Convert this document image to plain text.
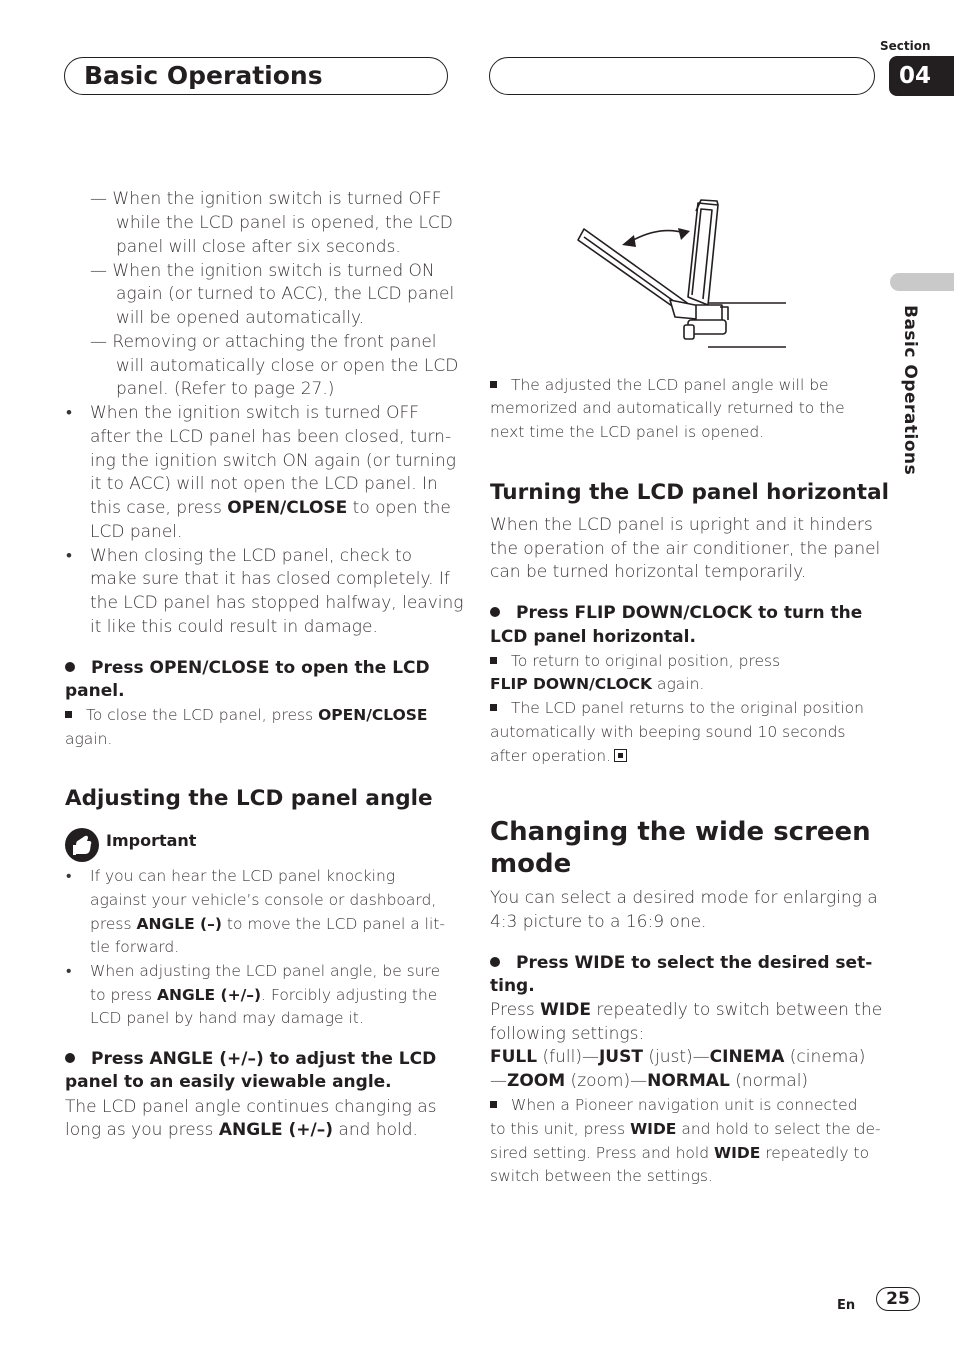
Basic Operations
Section
04
Basic Operations
— When the ignition switch is turned OFF
while the LCD panel is opened, the LCD
panel will close after six seconds.
— When the ignition switch is turned ON
again (or turned to ACC), the LCD panel
will be opened automatically.
— Removing or attaching the front panel
will automatically close or open the LCD
panel. (Refer to page 27.)
• When the ignition switch is turned OFF
after the LCD panel has been closed, turn-
ing the ignition switch ON again (or turning
it to ACC) will not open the LCD panel. In
this case, press OPEN/CLOSE to open the
LCD panel.
• When closing the LCD panel, check to
make sure that it has closed completely. If
the LCD panel has stopped halfway, leaving
it like this could result in damage.
Press OPEN/CLOSE to open the LCD
panel.
To close the LCD panel, press OPEN/CLOSE
again.
Adjusting the LCD panel angle
Important
• If you can hear the LCD panel knocking
against your vehicle’s console or dashboard,
press ANGLE (–) to move the LCD panel a lit-
tle forward.
• When adjusting the LCD panel angle, be sure
to press ANGLE (+/–). Forcibly adjusting the
LCD panel by hand may damage it.
Press ANGLE (+/–) to adjust the LCD
panel to an easily viewable angle.
The LCD panel angle continues changing as
long as you press ANGLE (+/–) and hold.
The adjusted the LCD panel angle will be
memorized and automatically returned to the
next time the LCD panel is opened.
Turning the LCD panel horizontal
When the LCD panel is upright and it hinders
the operation of the air conditioner, the panel
can be turned horizontal temporarily.
Press FLIP DOWN/CLOCK to turn the
LCD panel horizontal.
To return to original position, press
FLIP DOWN/CLOCK again.
The LCD panel returns to the original position
automatically with beeping sound 10 seconds
after operation.
Changing the wide screen
mode
You can select a desired mode for enlarging a
4:3 picture to a 16:9 one.
Press WIDE to select the desired set-
ting.
Press WIDE repeatedly to switch between the
following settings:
FULL (full)—JUST (just)—CINEMA (cinema)
—ZOOM (zoom)—NORMAL (normal)
When a Pioneer navigation unit is connected
to this unit, press WIDE and hold to select the de-
sired setting. Press and hold WIDE repeatedly to
switch between the settings.
En	25
